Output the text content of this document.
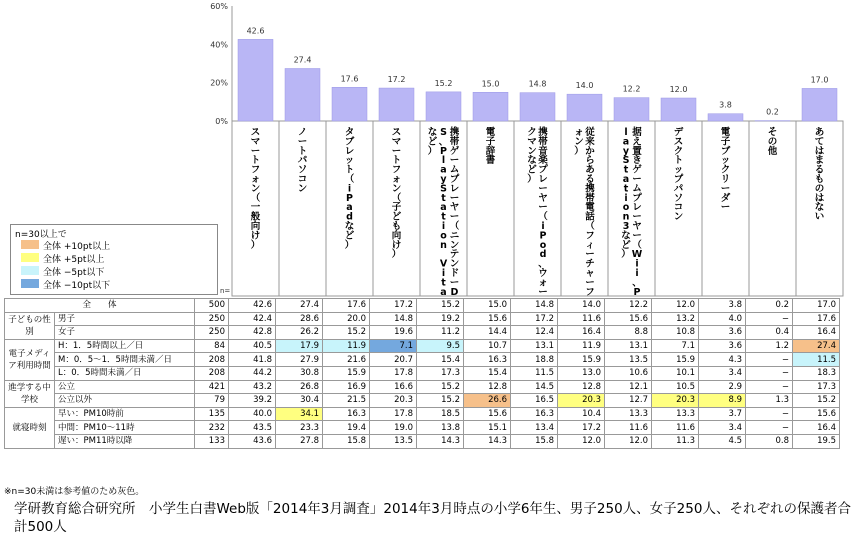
60%
40%
20%
0%
42.6
スマートフォン（一般向け）
27.4
ノートパソコン
17.6
タブレット（ i P a d など）
17.2
スマートフォン（子ども向け）
15.2
携帯ゲームプレーヤー（ニンテンドー DS 、 P l a y S t a t i o n V i t aなど）
15.0
電子辞書
14.8
携帯音楽プレーヤー（ i P o d 、ウォークマンなど）
14.0
従来からある携帯電話（フィーチャーフォン）
12.2
据え置きゲームプレーヤー（ W i i 、 Pl a y S t a t i o n 3 など）
12.0
デスクトップパソコン
3.8
電子ブックリーダー
0.2
その他
17.0
あてはまるものはない
n=
n=30以上で
全体 +10pt以上
全体 +5pt以上
全体 −5pt以下
全体 −10pt以下
全　　体		500	42.6	27.4	17.6	17.2	15.2	15.0	14.8	14.0	12.2	12.0	3.8	0.2	17.0
子どもの性別	男子	250	42.4	28.6	20.0	14.8	19.2	15.6	17.2	11.6	15.6	13.2	4.0	−	17.6
	女子	250	42.8	26.2	15.2	19.6	11.2	14.4	12.4	16.4	8.8	10.8	3.6	0.4	16.4
電子メディア利用時間	H：1．5時間以上／日	84	40.5	17.9	11.9	7.1	9.5	10.7	13.1	11.9	13.1	7.1	3.6	1.2	27.4
	M：0．5～1．5時間未満／日	208	41.8	27.9	21.6	20.7	15.4	16.3	18.8	15.9	13.5	15.9	4.3	−	11.5
	L：0．5時間未満／日	208	44.2	30.8	15.9	17.8	17.3	15.4	11.5	13.0	10.6	10.1	3.4	−	18.3
進学する中学校	公立	421	43.2	26.8	16.9	16.6	15.2	12.8	14.5	12.8	12.1	10.5	2.9	−	17.3
	公立以外	79	39.2	30.4	21.5	20.3	15.2	26.6	16.5	20.3	12.7	20.3	8.9	1.3	15.2
就寝時刻	早い：PM10時前	135	40.0	34.1	16.3	17.8	18.5	15.6	16.3	10.4	13.3	13.3	3.7	−	15.6
	中間：PM10～11時	232	43.5	23.3	19.4	19.0	13.8	15.1	13.4	17.2	11.6	11.6	3.4	−	16.4
	遅い：PM11時以降	133	43.6	27.8	15.8	13.5	14.3	14.3	15.8	12.0	12.0	11.3	4.5	0.8	19.5
※n=30未満は参考値のため灰色。
学研教育総合研究所　小学生白書Web版「2014年3月調査」2014年3月時点の小学6年生、男子250人、女子250人、それぞれの保護者合計500人
